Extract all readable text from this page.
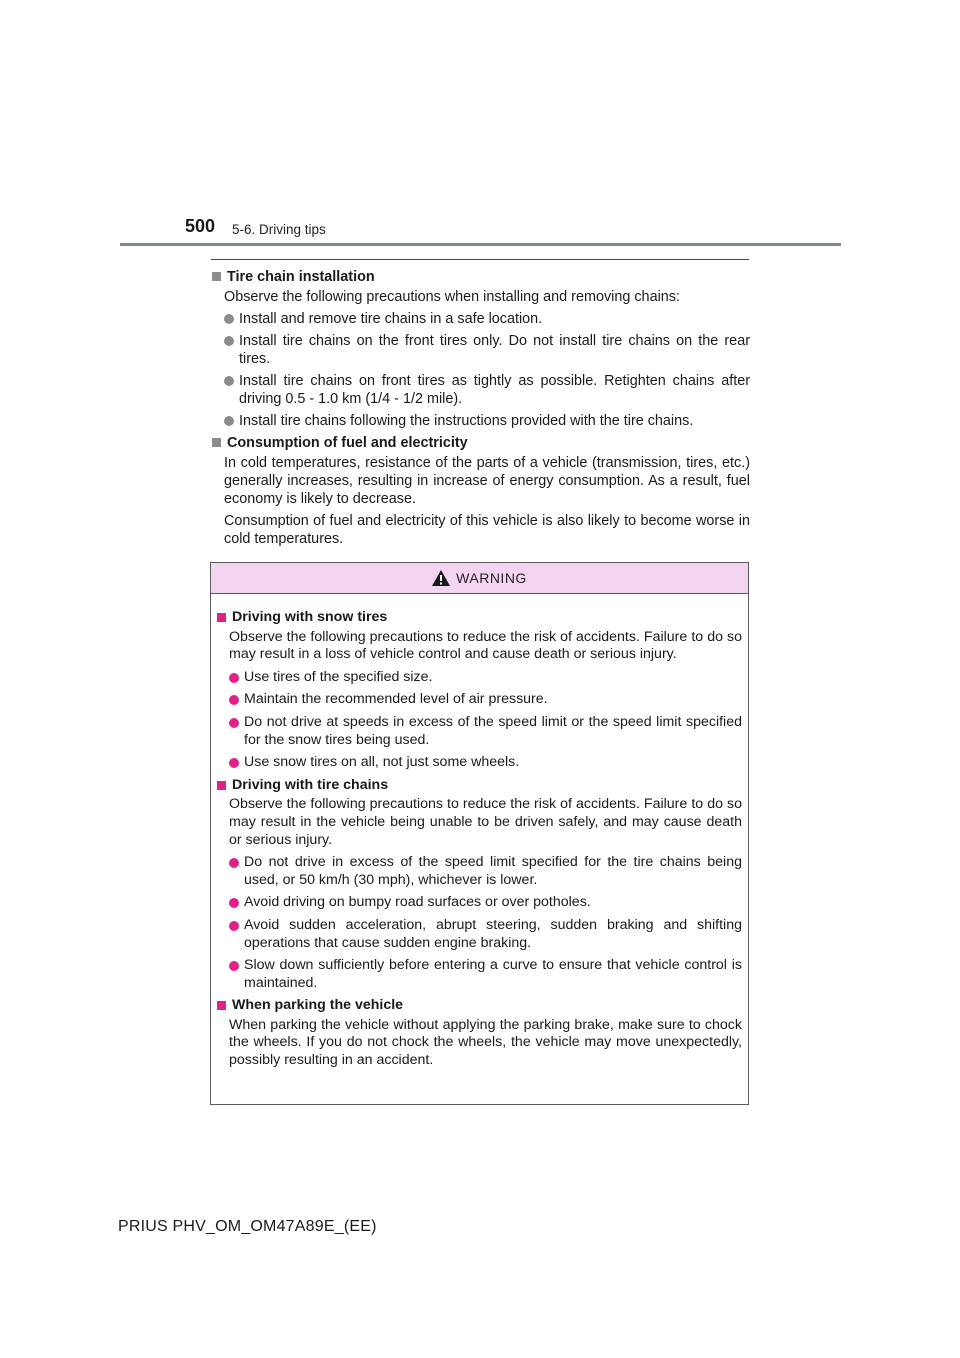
500 5-6. Driving tips
Tire chain installation
Observe the following precautions when installing and removing chains:
Install and remove tire chains in a safe location.
Install tire chains on the front tires only. Do not install tire chains on the rear tires.
Install tire chains on front tires as tightly as possible. Retighten chains after driving 0.5 - 1.0 km (1/4 - 1/2 mile).
Install tire chains following the instructions provided with the tire chains.
Consumption of fuel and electricity
In cold temperatures, resistance of the parts of a vehicle (transmission, tires, etc.) generally increases, resulting in increase of energy consumption. As a result, fuel economy is likely to decrease.
Consumption of fuel and electricity of this vehicle is also likely to become worse in cold temperatures.
WARNING
Driving with snow tires
Observe the following precautions to reduce the risk of accidents. Failure to do so may result in a loss of vehicle control and cause death or serious injury.
Use tires of the specified size.
Maintain the recommended level of air pressure.
Do not drive at speeds in excess of the speed limit or the speed limit specified for the snow tires being used.
Use snow tires on all, not just some wheels.
Driving with tire chains
Observe the following precautions to reduce the risk of accidents. Failure to do so may result in the vehicle being unable to be driven safely, and may cause death or serious injury.
Do not drive in excess of the speed limit specified for the tire chains being used, or 50 km/h (30 mph), whichever is lower.
Avoid driving on bumpy road surfaces or over potholes.
Avoid sudden acceleration, abrupt steering, sudden braking and shifting operations that cause sudden engine braking.
Slow down sufficiently before entering a curve to ensure that vehicle control is maintained.
When parking the vehicle
When parking the vehicle without applying the parking brake, make sure to chock the wheels. If you do not chock the wheels, the vehicle may move unexpectedly, possibly resulting in an accident.
PRIUS PHV_OM_OM47A89E_(EE)
